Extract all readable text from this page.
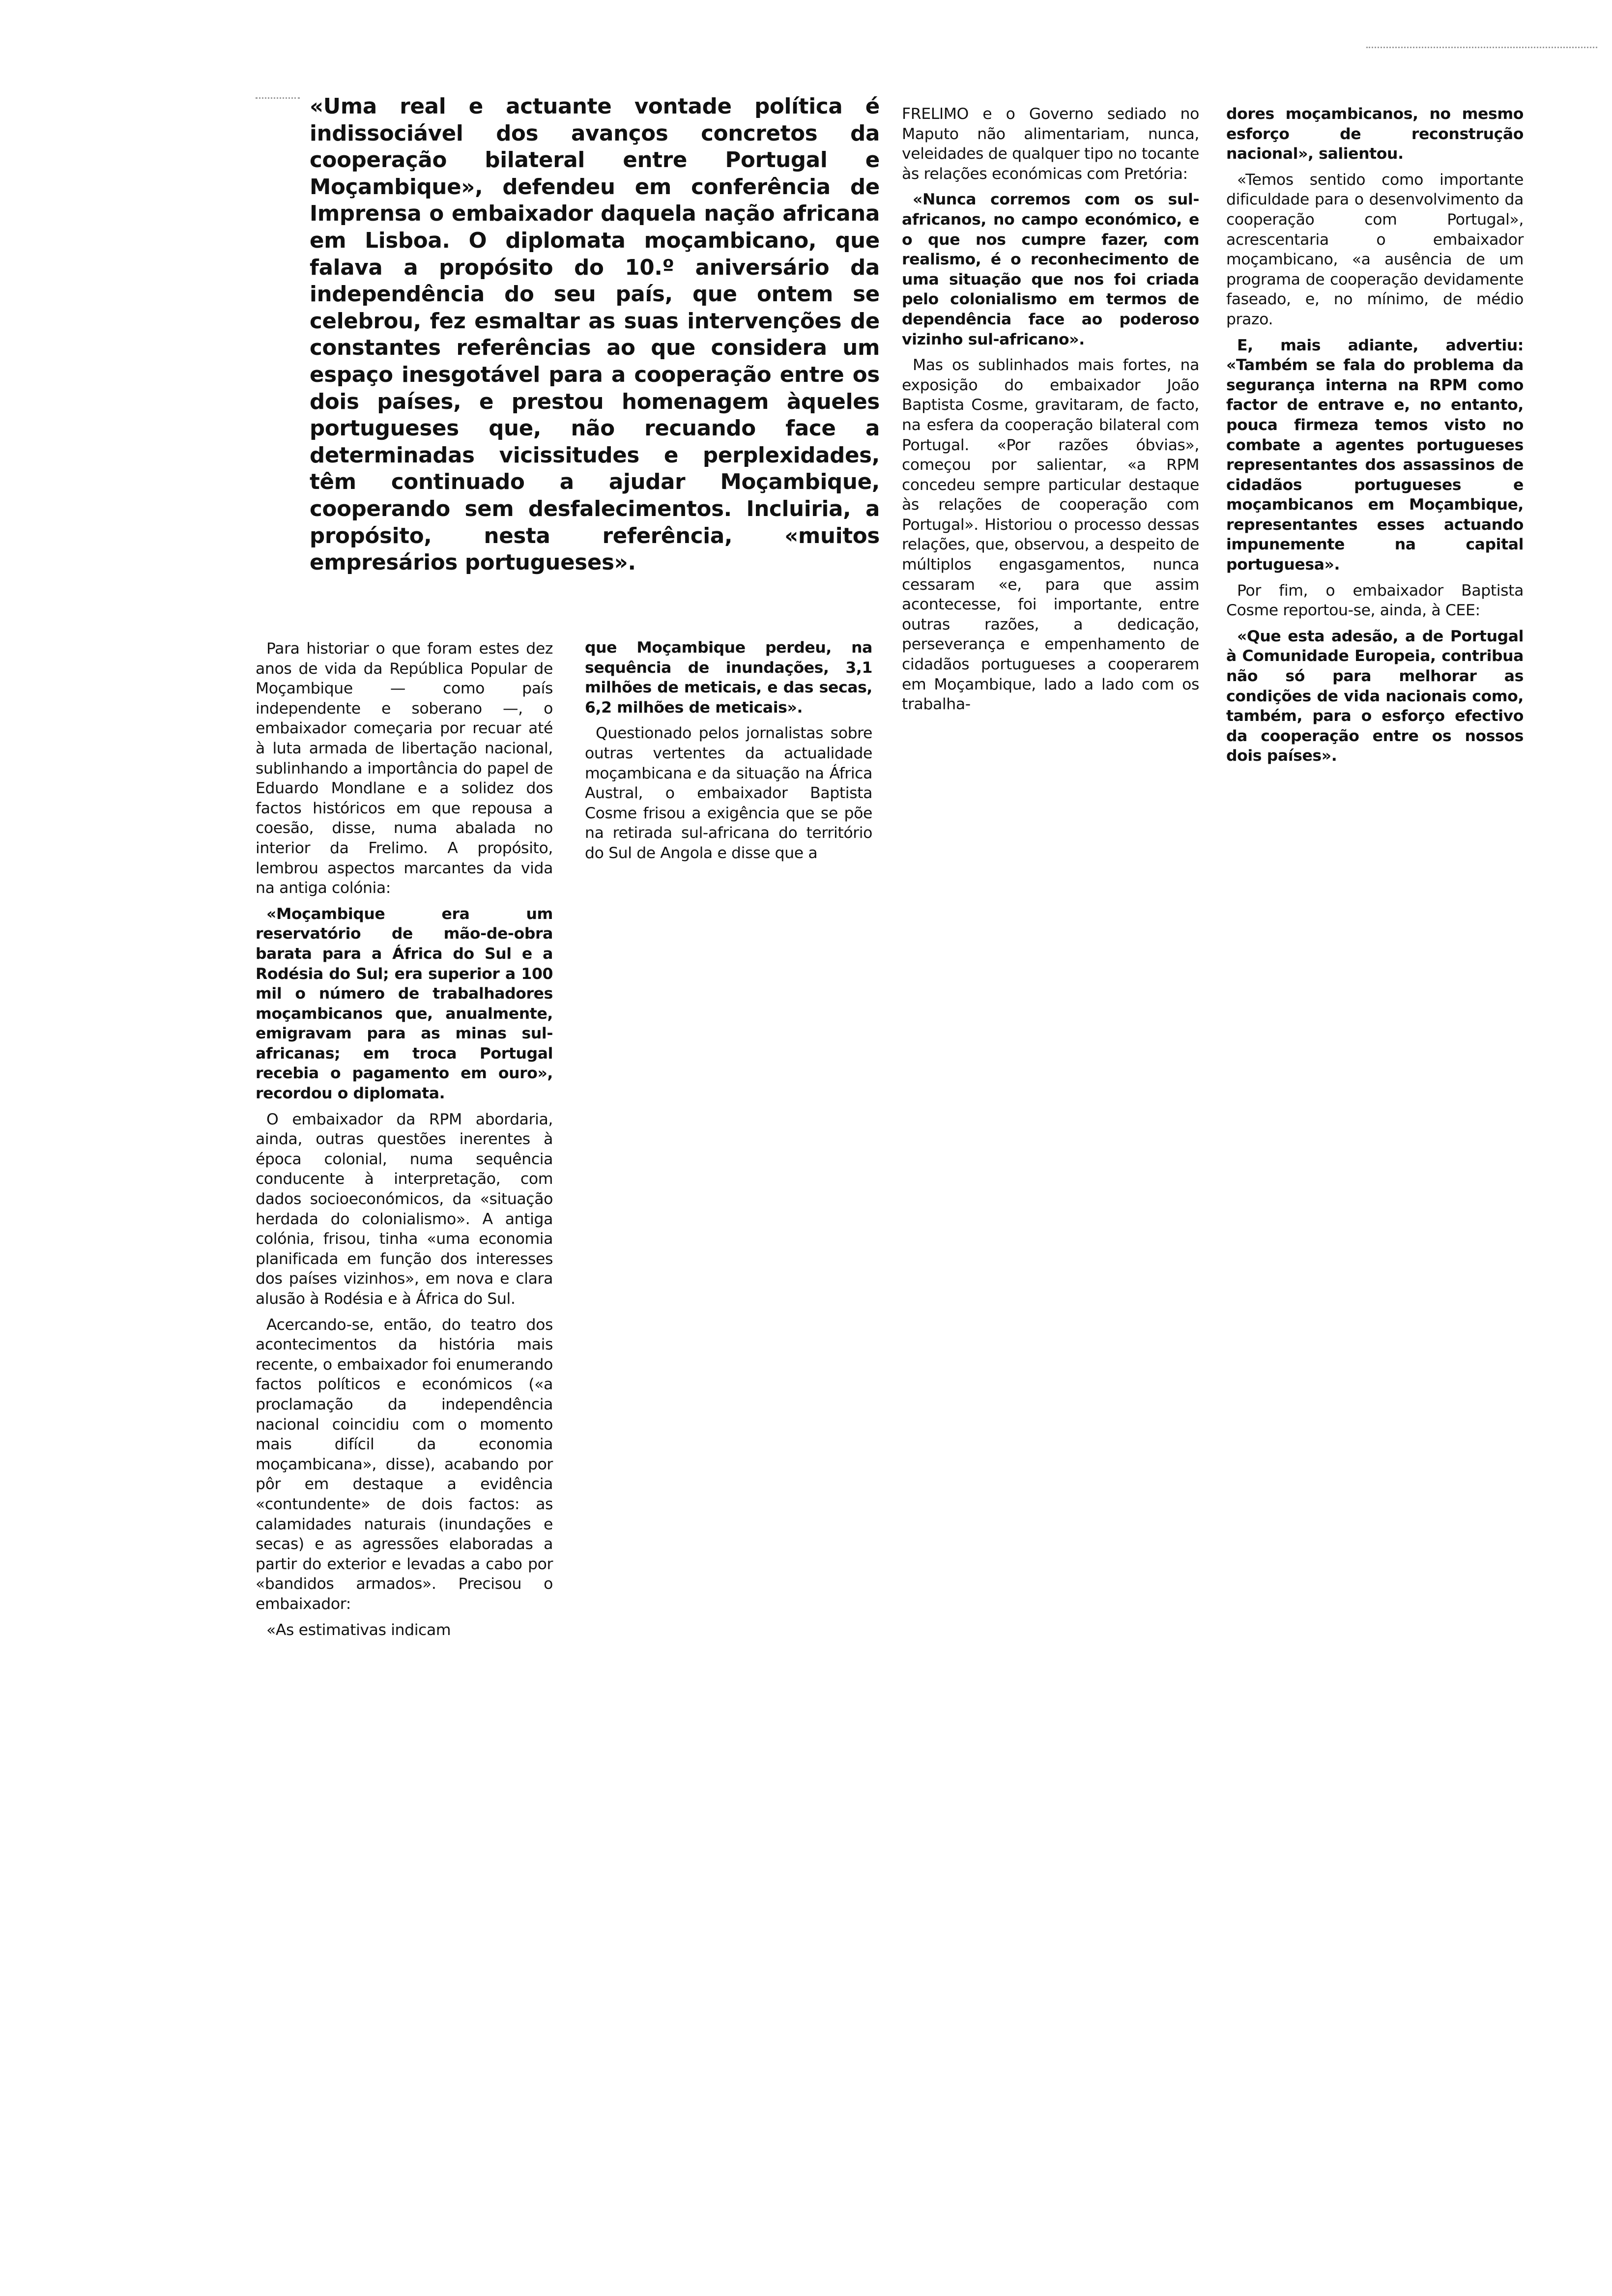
«Uma real e actuante vontade política é indissociável dos avanços concretos da cooperação bilateral entre Portugal e Moçambique», defendeu em conferência de Imprensa o embaixador daquela nação africana em Lisboa. O diplomata moçambicano, que falava a propósito do 10.º aniversário da independência do seu país, que ontem se celebrou, fez esmaltar as suas intervenções de constantes referências ao que considera um espaço inesgotável para a cooperação entre os dois países, e prestou homenagem àqueles portugueses que, não recuando face a determinadas vicissitudes e perplexidades, têm continuado a ajudar Moçambique, cooperando sem desfalecimentos. Incluiria, a propósito, nesta referência, «muitos empresários portugueses».

Para historiar o que foram estes dez anos de vida da República Popular de Moçambique — como país independente e soberano —, o embaixador começaria por recuar até à luta armada de libertação nacional, sublinhando a importância do papel de Eduardo Mondlane e a solidez dos factos históricos em que repousa a coesão, disse, numa abalada no interior da Frelimo. A propósito, lembrou aspectos marcantes da vida na antiga colónia:

«Moçambique era um reservatório de mão-de-obra barata para a África do Sul e a Rodésia do Sul; era superior a 100 mil o número de trabalhadores moçambicanos que, anualmente, emigravam para as minas sul-africanas; em troca Portugal recebia o pagamento em ouro», recordou o diplomata.

O embaixador da RPM abordaria, ainda, outras questões inerentes à época colonial, numa sequência conducente à interpretação, com dados socioeconómicos, da «situação herdada do colonialismo». A antiga colónia, frisou, tinha «uma economia planificada em função dos interesses dos países vizinhos», em nova e clara alusão à Rodésia e à África do Sul.

Acercando-se, então, do teatro dos acontecimentos da história mais recente, o embaixador foi enumerando factos políticos e económicos («a proclamação da independência nacional coincidiu com o momento mais difícil da economia moçambicana», disse), acabando por pôr em destaque a evidência «contundente» de dois factos: as calamidades naturais (inundações e secas) e as agressões elaboradas a partir do exterior e levadas a cabo por «bandidos armados». Precisou o embaixador:

«As estimativas indicam

que Moçambique perdeu, na sequência de inundações, 3,1 milhões de meticais, e das secas, 6,2 milhões de meticais».

Questionado pelos jornalistas sobre outras vertentes da actualidade moçambicana e da situação na África Austral, o embaixador Baptista Cosme frisou a exigência que se põe na retirada sul-africana do território do Sul de Angola e disse que a

FRELIMO e o Governo sediado no Maputo não alimentariam, nunca, veleidades de qualquer tipo no tocante às relações económicas com Pretória:

«Nunca corremos com os sul-africanos, no campo económico, e o que nos cumpre fazer, com realismo, é o reconhecimento de uma situação que nos foi criada pelo colonialismo em termos de dependência face ao poderoso vizinho sul-africano».

Mas os sublinhados mais fortes, na exposição do embaixador João Baptista Cosme, gravitaram, de facto, na esfera da cooperação bilateral com Portugal. «Por razões óbvias», começou por salientar, «a RPM concedeu sempre particular destaque às relações de cooperação com Portugal». Historiou o processo dessas relações, que, observou, a despeito de múltiplos engasgamentos, nunca cessaram «e, para que assim acontecesse, foi importante, entre outras razões, a dedicação, perseverança e empenhamento de cidadãos portugueses a cooperarem em Moçambique, lado a lado com os trabalha-

dores moçambicanos, no mesmo esforço de reconstrução nacional», salientou.

«Temos sentido como importante dificuldade para o desenvolvimento da cooperação com Portugal», acrescentaria o embaixador moçambicano, «a ausência de um programa de cooperação devidamente faseado, e, no mínimo, de médio prazo.

E, mais adiante, advertiu: «Também se fala do problema da segurança interna na RPM como factor de entrave e, no entanto, pouca firmeza temos visto no combate a agentes portugueses representantes dos assassinos de cidadãos portugueses e moçambicanos em Moçambique, representantes esses actuando impunemente na capital portuguesa».

Por fim, o embaixador Baptista Cosme reportou-se, ainda, à CEE:

«Que esta adesão, a de Portugal à Comunidade Europeia, contribua não só para melhorar as condições de vida nacionais como, também, para o esforço efectivo da cooperação entre os nossos dois países».
